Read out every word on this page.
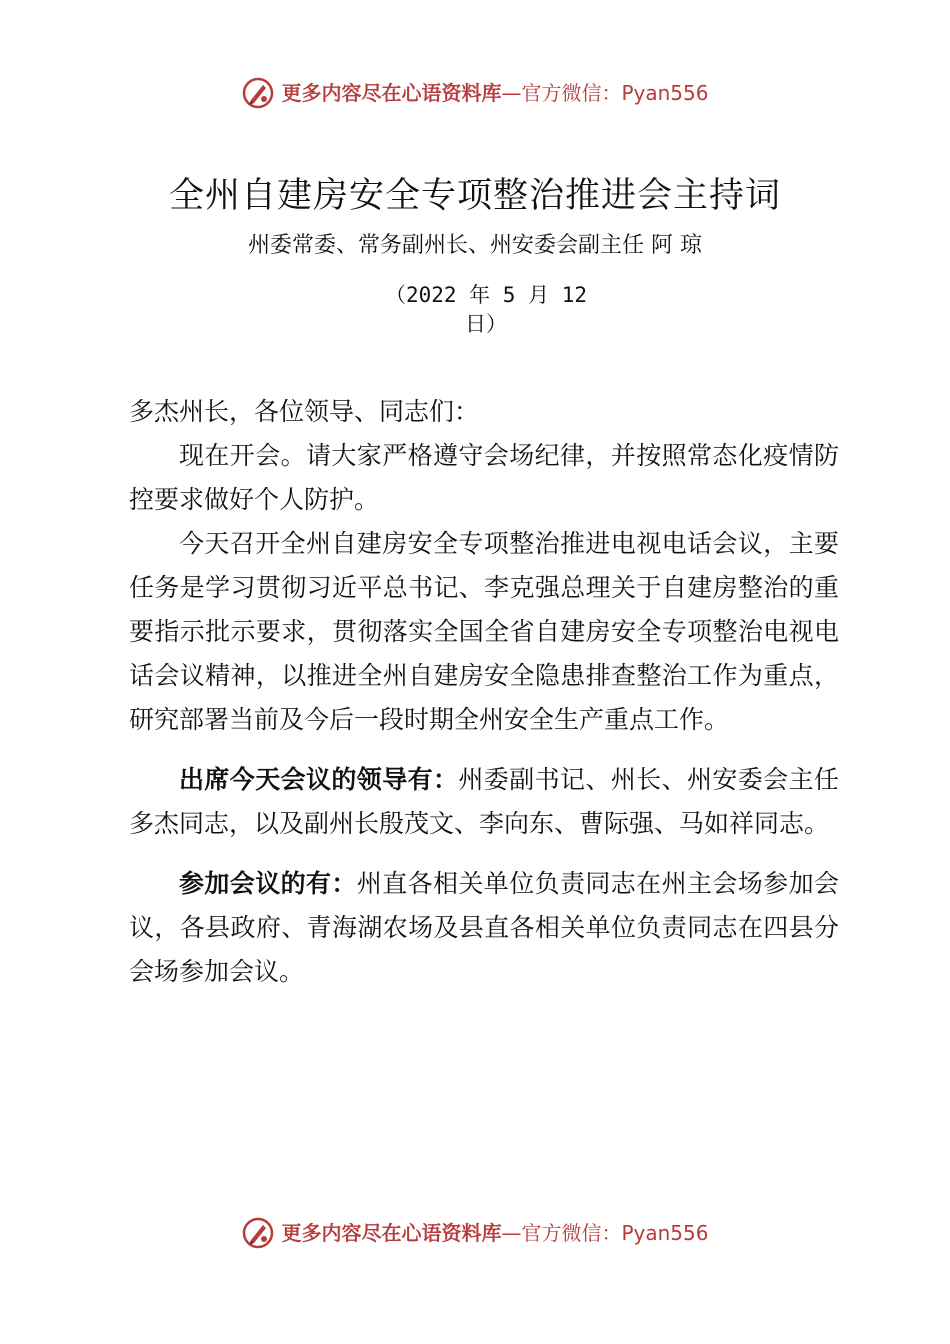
更多内容尽在心语资料库 — 官方微信：Pyan556
全州自建房安全专项整治推进会主持词
州委常委、常务副州长、州安委会副主任 阿 琼
（2022 年 5 月 12 日）

多杰州长，各位领导、同志们：

现在开会。请大家严格遵守会场纪律，并按照常态化疫情防控要求做好个人防护。

今天召开全州自建房安全专项整治推进电视电话会议，主要任务是学习贯彻习近平总书记、李克强总理关于自建房整治的重要指示批示要求，贯彻落实全国全省自建房安全专项整治电视电话会议精神，以推进全州自建房安全隐患排查整治工作为重点，研究部署当前及今后一段时期全州安全生产重点工作。

出席今天会议的领导有：州委副书记、州长、州安委会主任多杰同志，以及副州长殷茂文、李向东、曹际强、马如祥同志。

参加会议的有：州直各相关单位负责同志在州主会场参加会议，各县政府、青海湖农场及县直各相关单位负责同志在四县分会场参加会议。

更多内容尽在心语资料库 — 官方微信：Pyan556
